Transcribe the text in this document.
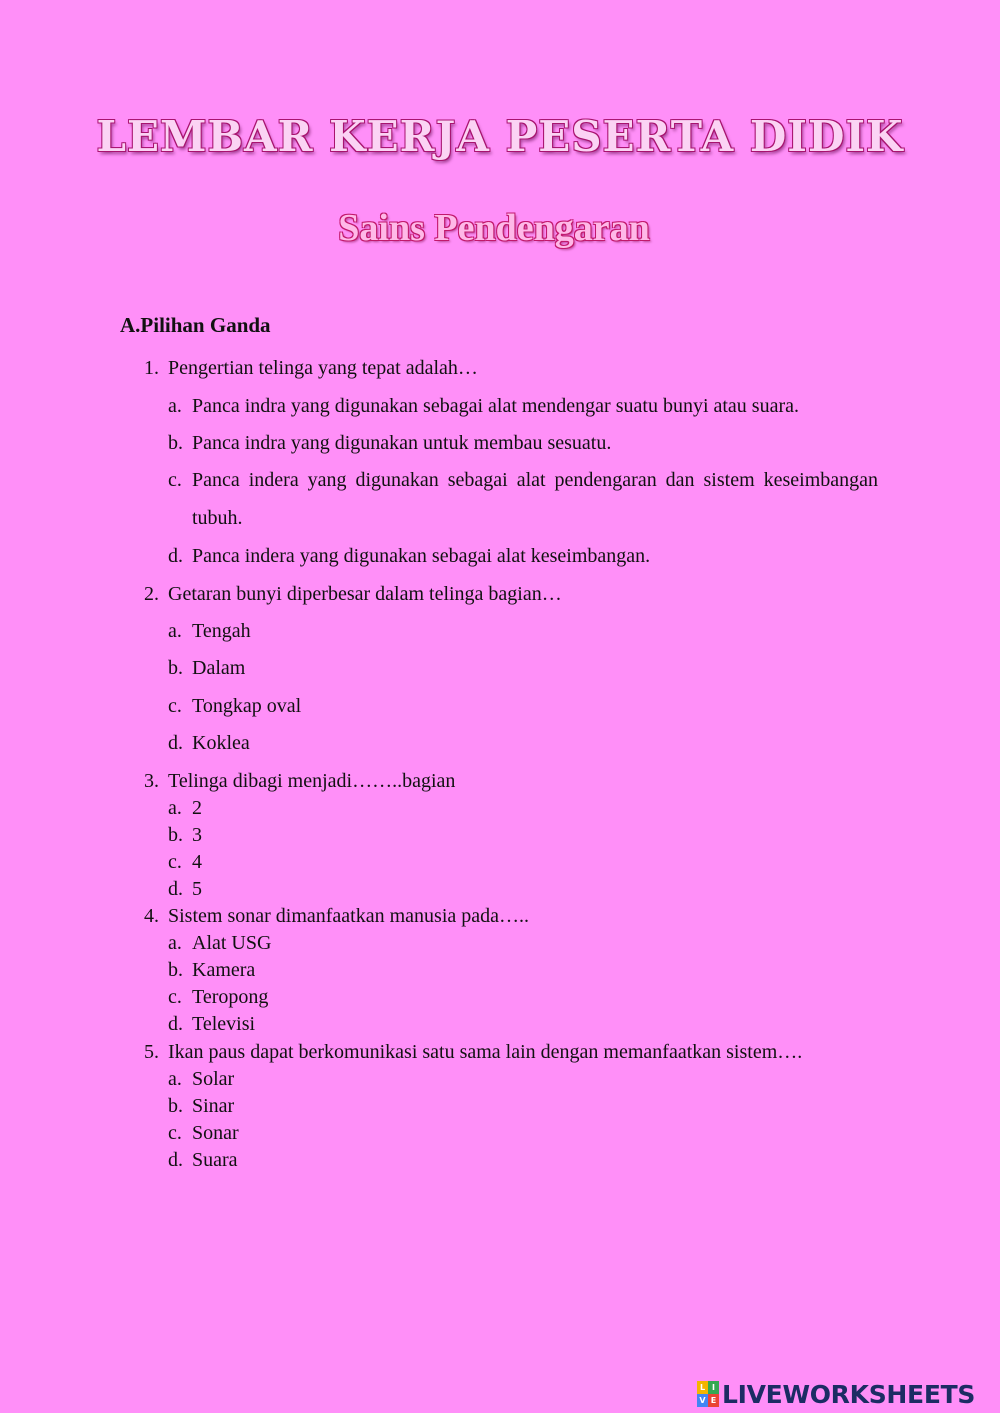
LEMBAR KERJA PESERTA DIDIK
Sains Pendengaran
A.Pilihan Ganda
1. Pengertian telinga yang tepat adalah…
a. Panca indra yang digunakan sebagai alat mendengar suatu bunyi atau suara.
b. Panca indra yang digunakan untuk membau sesuatu.
c. Panca indera yang digunakan sebagai alat pendengaran dan sistem keseimbangan tubuh.
d. Panca indera yang digunakan sebagai alat keseimbangan.
2. Getaran bunyi diperbesar dalam telinga bagian…
a. Tengah
b. Dalam
c. Tongkap oval
d. Koklea
3. Telinga dibagi menjadi……..bagian
a. 2
b. 3
c. 4
d. 5
4. Sistem sonar dimanfaatkan manusia pada…..
a. Alat USG
b. Kamera
c. Teropong
d. Televisi
5. Ikan paus dapat berkomunikasi satu sama lain dengan memanfaatkan sistem….
a. Solar
b. Sinar
c. Sonar
d. Suara
L I
V E LIVEWORKSHEETS
